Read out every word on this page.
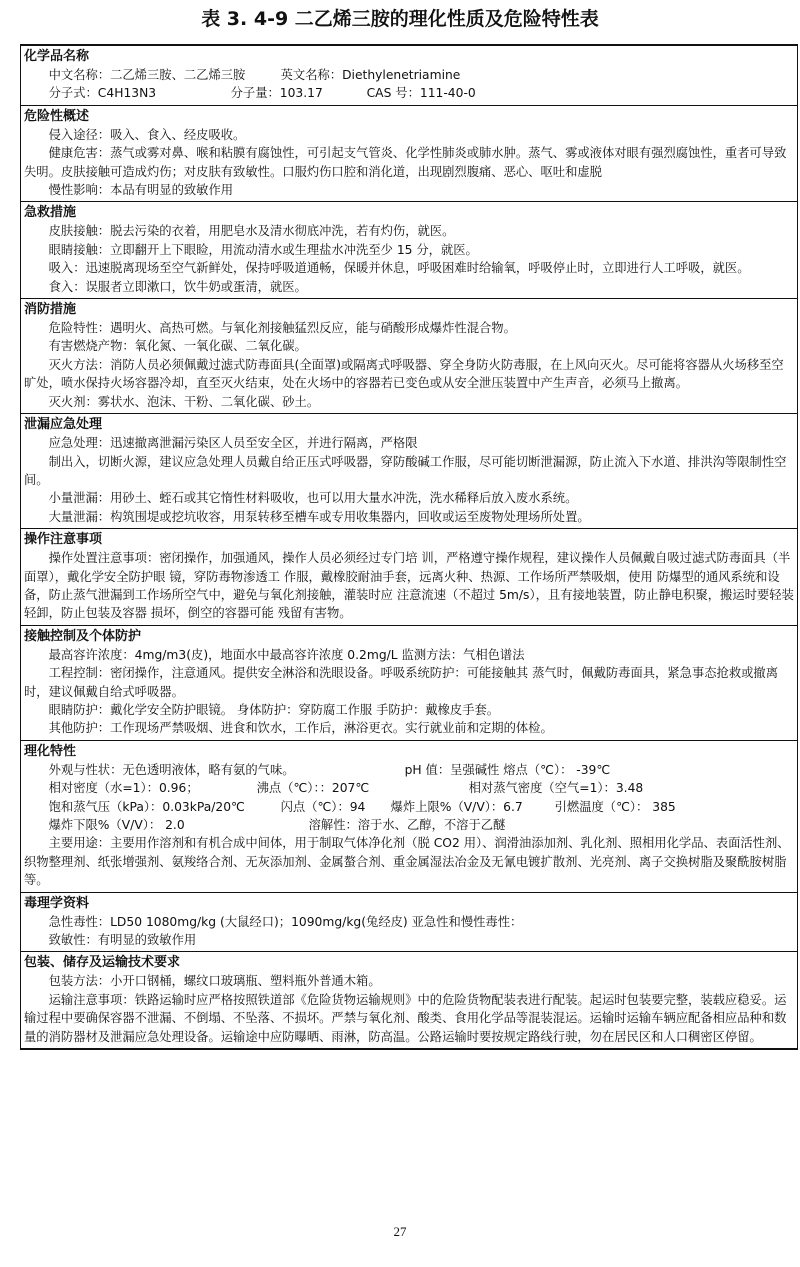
表 3. 4-9 二乙烯三胺的理化性质及危险特性表
化学品名称
中文名称：二乙烯三胺、二乙烯三胺	英文名称：Diethylenetriamine
分子式：C4H13N3	分子量：103.17	CAS 号：111-40-0
危险性概述
侵入途径：吸入、食入、经皮吸收。
健康危害：蒸气或雾对鼻、喉和粘膜有腐蚀性，可引起支气管炎、化学性肺炎或肺水肿。蒸气、雾或液体对眼有强烈腐蚀性，重者可导致失明。皮肤接触可造成灼伤；对皮肤有致敏性。口服灼伤口腔和消化道，出现剧烈腹痛、恶心、呕吐和虚脱
慢性影响：本品有明显的致敏作用
急救措施
皮肤接触：脱去污染的衣着，用肥皂水及清水彻底冲洗，若有灼伤，就医。
眼睛接触：立即翻开上下眼睑，用流动清水或生理盐水冲洗至少 15 分，就医。
吸入：迅速脱离现场至空气新鲜处，保持呼吸道通畅，保暖并休息，呼吸困难时给输氧，呼吸停止时，立即进行人工呼吸，就医。
食入：误服者立即漱口，饮牛奶或蛋清，就医。
消防措施
危险特性：遇明火、高热可燃。与氧化剂接触猛烈反应，能与硝酸形成爆炸性混合物。
有害燃烧产物：氧化氮、一氧化碳、二氧化碳。
灭火方法：消防人员必须佩戴过滤式防毒面具(全面罩)或隔离式呼吸器、穿全身防火防毒服，在上风向灭火。尽可能将容器从火场移至空旷处，喷水保持火场容器冷却，直至灭火结束，处在火场中的容器若已变色或从安全泄压装置中产生声音，必须马上撤离。
灭火剂：雾状水、泡沫、干粉、二氧化碳、砂土。
泄漏应急处理
应急处理：迅速撤离泄漏污染区人员至安全区，并进行隔离，严格限
制出入，切断火源，建议应急处理人员戴自给正压式呼吸器，穿防酸碱工作服，尽可能切断泄漏源，防止流入下水道、排洪沟等限制性空间。
小量泄漏：用砂土、蛭石或其它惰性材料吸收，也可以用大量水冲洗，洗水稀释后放入废水系统。
大量泄漏：构筑围堤或挖坑收容，用泵转移至槽车或专用收集器内，回收或运至废物处理场所处置。
操作注意事项
操作处置注意事项：密闭操作，加强通风，操作人员必须经过专门培 训，严格遵守操作规程，建议操作人员佩戴自吸过滤式防毒面具（半面罩），戴化学安全防护眼 镜，穿防毒物渗透工 作服，戴橡胶耐油手套，远离火种、热源、工作场所严禁吸烟，使用 防爆型的通风系统和设 备，防止蒸气泄漏到工作场所空气中，避免与氧化剂接触，灌装时应 注意流速（不超过 5m/s），且有接地装置，防止静电积聚，搬运时要轻装轻卸，防止包装及容器 损坏，倒空的容器可能 残留有害物。
接触控制及个体防护
最高容许浓度：4mg/m3(皮)，地面水中最高容许浓度 0.2mg/L 监测方法：气相色谱法
工程控制：密闭操作，注意通风。提供安全淋浴和洗眼设备。呼吸系统防护：可能接触其 蒸气时，佩戴防毒面具，紧急事态抢救或撤离时，建议佩戴自给式呼吸器。
眼睛防护：戴化学安全防护眼镜。 身体防护：穿防腐工作服 手防护：戴橡皮手套。
其他防护：工作现场严禁吸烟、进食和饮水，工作后，淋浴更衣。实行就业前和定期的体检。
理化特性
外观与性状：无色透明液体，略有氨的气味。	pH 值：呈强碱性 熔点（℃）： -39℃
相对密度（水=1）：0.96；	沸点（℃）：：207℃	相对蒸气密度（空气=1）：3.48
饱和蒸气压（kPa）：0.03kPa/20℃	闪点（℃）：94	爆炸上限%（V/V）：6.7	引燃温度（℃）： 385
爆炸下限%（V/V）： 2.0	溶解性：溶于水、乙醇，不溶于乙醚
主要用途：主要用作溶剂和有机合成中间体，用于制取气体净化剂（脱 CO2 用）、润滑油添加剂、乳化剂、照相用化学品、表面活性剂、织物整理剂、纸张增强剂、氨羧络合剂、无灰添加剂、金属螯合剂、重金属湿法冶金及无氰电镀扩散剂、光亮剂、离子交换树脂及聚酰胺树脂等。
毒理学资料
急性毒性：LD50 1080mg/kg (大鼠经口)；1090mg/kg(兔经皮) 亚急性和慢性毒性：
致敏性：有明显的致敏作用
包装、储存及运输技术要求
包装方法：小开口钢桶，螺纹口玻璃瓶、塑料瓶外普通木箱。
运输注意事项：铁路运输时应严格按照铁道部《危险货物运输规则》中的危险货物配装表进行配装。起运时包装要完整，装载应稳妥。运输过程中要确保容器不泄漏、不倒塌、不坠落、不损坏。严禁与氧化剂、酸类、食用化学品等混装混运。运输时运输车辆应配备相应品种和数量的消防器材及泄漏应急处理设备。运输途中应防曝晒、雨淋，防高温。公路运输时要按规定路线行驶，勿在居民区和人口稠密区停留。
27
